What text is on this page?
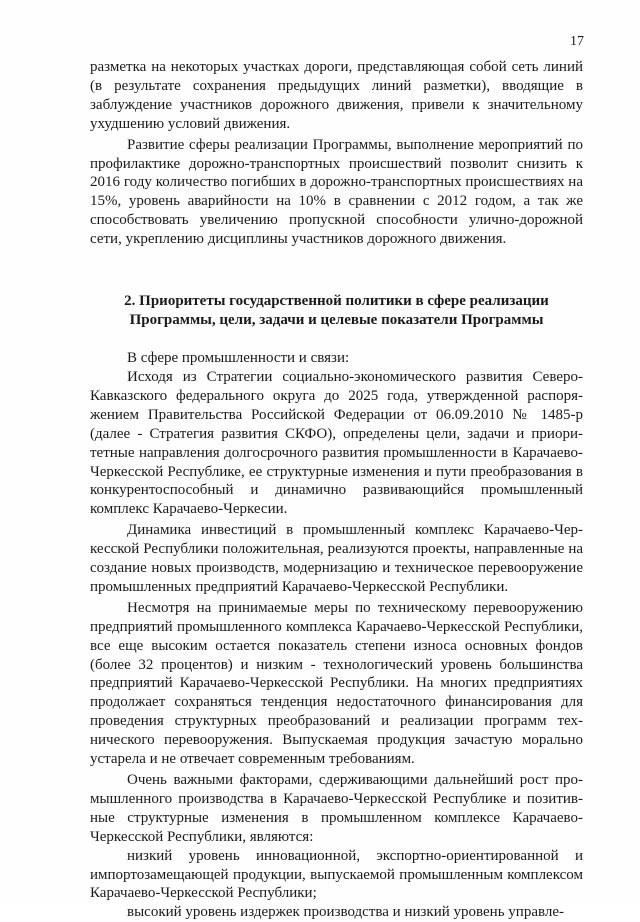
17

разметка на некоторых участках дороги, представляющая собой сеть линий (в результате сохранения предыдущих линий разметки), вводящие в заблуждение участников дорожного движения, привели к значительному ухудшению условий движения.

Развитие сферы реализации Программы, выполнение мероприятий по профилактике дорожно-транспортных происшествий позволит снизить к 2016 году количество погибших в дорожно-транспортных происшествиях на 15%, уровень аварийности на 10% в сравнении с 2012 годом, а так же способствовать увеличению пропускной способности улично-дорожной сети, укреплению дисциплины участников дорожного движения.

2. Приоритеты государственной политики в сфере реализации
Программы, цели, задачи и целевые показатели Программы

В сфере промышленности и связи:

Исходя из Стратегии социально-экономического развития Северо-Кавказского федерального округа до 2025 года, утвержденной распоряжением Правительства Российской Федерации от 06.09.2010 № 1485-р (далее - Стратегия развития СКФО), определены цели, задачи и приоритетные направления долгосрочного развития промышленности в Карачаево-Черкесской Республике, ее структурные изменения и пути преобразования в конкурентоспособный и динамично развивающийся промышленный комплекс Карачаево-Черкесии.

Динамика инвестиций в промышленный комплекс Карачаево-Черкесской Республики положительная, реализуются проекты, направленные на создание новых производств, модернизацию и техническое перевооружение промышленных предприятий Карачаево-Черкесской Республики.

Несмотря на принимаемые меры по техническому перевооружению предприятий промышленного комплекса Карачаево-Черкесской Республики, все еще высоким остается показатель степени износа основных фондов (более 32 процентов) и низким - технологический уровень большинства предприятий Карачаево-Черкесской Республики. На многих предприятиях продолжает сохраняться тенденция недостаточного финансирования для проведения структурных преобразований и реализации программ технического перевооружения. Выпускаемая продукция зачастую морально устарела и не отвечает современным требованиям.

Очень важными факторами, сдерживающими дальнейший рост промышленного производства в Карачаево-Черкесской Республике и позитивные структурные изменения в промышленном комплексе Карачаево-Черкесской Республики, являются:

низкий уровень инновационной, экспортно-ориентированной и импортозамещающей продукции, выпускаемой промышленным комплексом Карачаево-Черкесской Республики;

высокий уровень издержек производства и низкий уровень управле-
